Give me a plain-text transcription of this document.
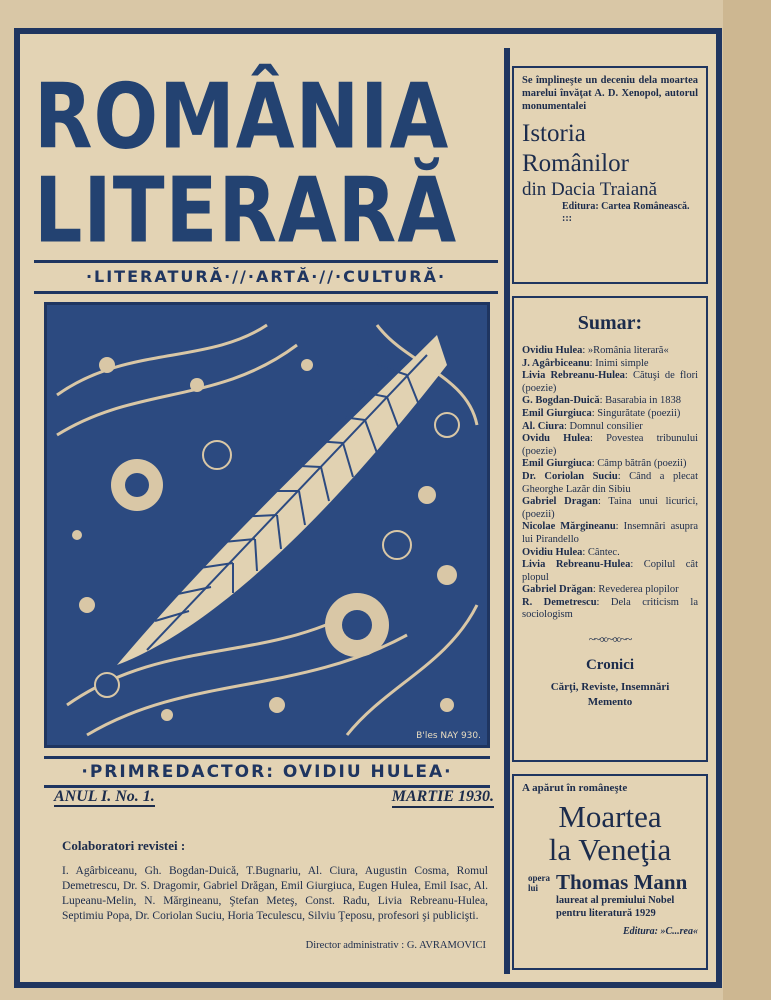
ROMÂNIA
LITERARĂ
·LITERATURĂ·//·ARTĂ·//·CULTURĂ·
B'les NAY 930.
·PRIMREDACTOR: OVIDIU HULEA·
ANUL I. No. 1.	MARTIE 1930.
Colaboratori revistei :
I. Agârbiceanu, Gh. Bogdan-Duică, T.Bugnariu, Al. Ciura, Augustin Cosma, Romul Demetrescu, Dr. S. Dragomir, Gabriel Drăgan, Emil Giurgiuca, Eugen Hulea, Emil Isac, Al. Lupeanu-Melin, N. Mărgineanu, Ştefan Meteş, Const. Radu, Livia Rebreanu-Hulea, Septimiu Popa, Dr. Coriolan Suciu, Horia Teculescu, Silviu Ţeposu, profesori şi publicişti.
Director administrativ : G. AVRAMOVICI
Se împlineşte un deceniu dela moartea marelui învăţat A. D. Xenopol, autorul monumentalei
Istoria
Românilor
din Dacia Traiană
Editura: Cartea Românească. :::
Sumar:
Ovidiu Hulea: »România literară«
J. Agârbiceanu: Inimi simple
Livia Rebreanu-Hulea: Cătuşi de flori (poezie)
G. Bogdan-Duică: Basarabia in 1838
Emil Giurgiuca: Singurătate (poezii)
Al. Ciura: Domnul consilier
Ovidu Hulea: Povestea tribunului (poezie)
Emil Giurgiuca: Câmp bătrân (poezii)
Dr. Coriolan Suciu: Când a plecat Gheorghe Lazăr din Sibiu
Gabriel Dragan: Taina unui licurici, (poezii)
Nicolae Mărgineanu: Insemnări asupra lui Pirandello
Ovidiu Hulea: Cântec.
Livia Rebreanu-Hulea: Copilul cât plopul
Gabriel Drăgan: Revederea plopilor
R. Demetrescu: Dela criticism la sociologism
~~∞~∞~~
Cronici
Cărţi, Reviste, Insemnări
Memento
A apărut în româneşte
Moartea
la Veneţia
opera
lui Thomas Mann
laureat al premiului Nobel pentru literatură 1929
Editura: »C...rea«
